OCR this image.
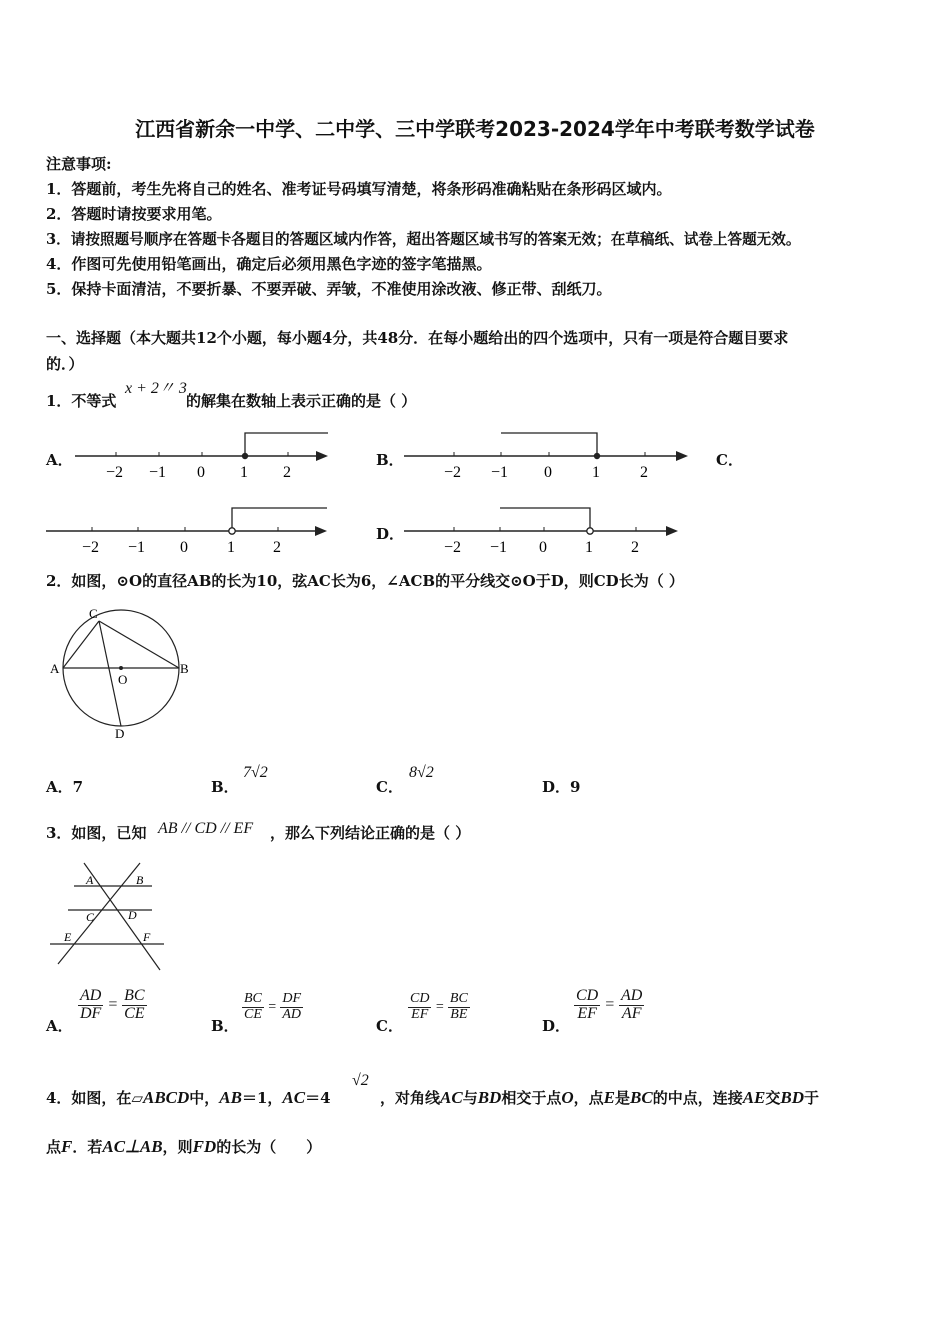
江西省新余一中学、二中学、三中学联考2023-2024学年中考联考数学试卷
注意事项:
1．答题前，考生先将自己的姓名、准考证号码填写清楚，将条形码准确粘贴在条形码区域内。
2．答题时请按要求用笔。
3．请按照题号顺序在答题卡各题目的答题区域内作答，超出答题区域书写的答案无效；在草稿纸、试卷上答题无效。
4．作图可先使用铅笔画出，确定后必须用黑色字迹的签字笔描黑。
5．保持卡面清洁，不要折暴、不要弄破、弄皱，不准使用涂改液、修正带、刮纸刀。
一、选择题（本大题共12个小题，每小题4分，共48分．在每小题给出的四个选项中，只有一项是符合题目要求
的．）
1．不等式
x + 2〃 3
的解集在数轴上表示正确的是（ ）
A．	B．	C．
D．
−2 −1 0 1 2	−2 −1 0	1	2
−2 −1 0 1 2	−2 −1 0 1 2
2．如图，⊙O的直径AB的长为10，弦AC长为6，∠ACB的平分线交⊙O于D，则CD长为（ ）
C
A
O
B
D
A．7	B．
7√2
C．
8√2
D．9
3．如图，已知 AB // CD // EF ，那么下列结论正确的是（ ）
A	B
C	D
E	F
A．
$\frac{AD}{DF} = \frac{BC}{CE}$
B．
$\frac{BC}{CE} = \frac{DF}{AD}$
C．
$\frac{CD}{EF} = \frac{BC}{BE}$
D．
$\frac{CD}{EF} = \frac{AD}{AF}$
4．如图，在▱ABCD中，AB＝1，AC＝4
√2
，对角线AC与BD相交于点O，点E是BC的中点，连接AE交BD于
点F．若AC⊥AB，则FD的长为（　　）
